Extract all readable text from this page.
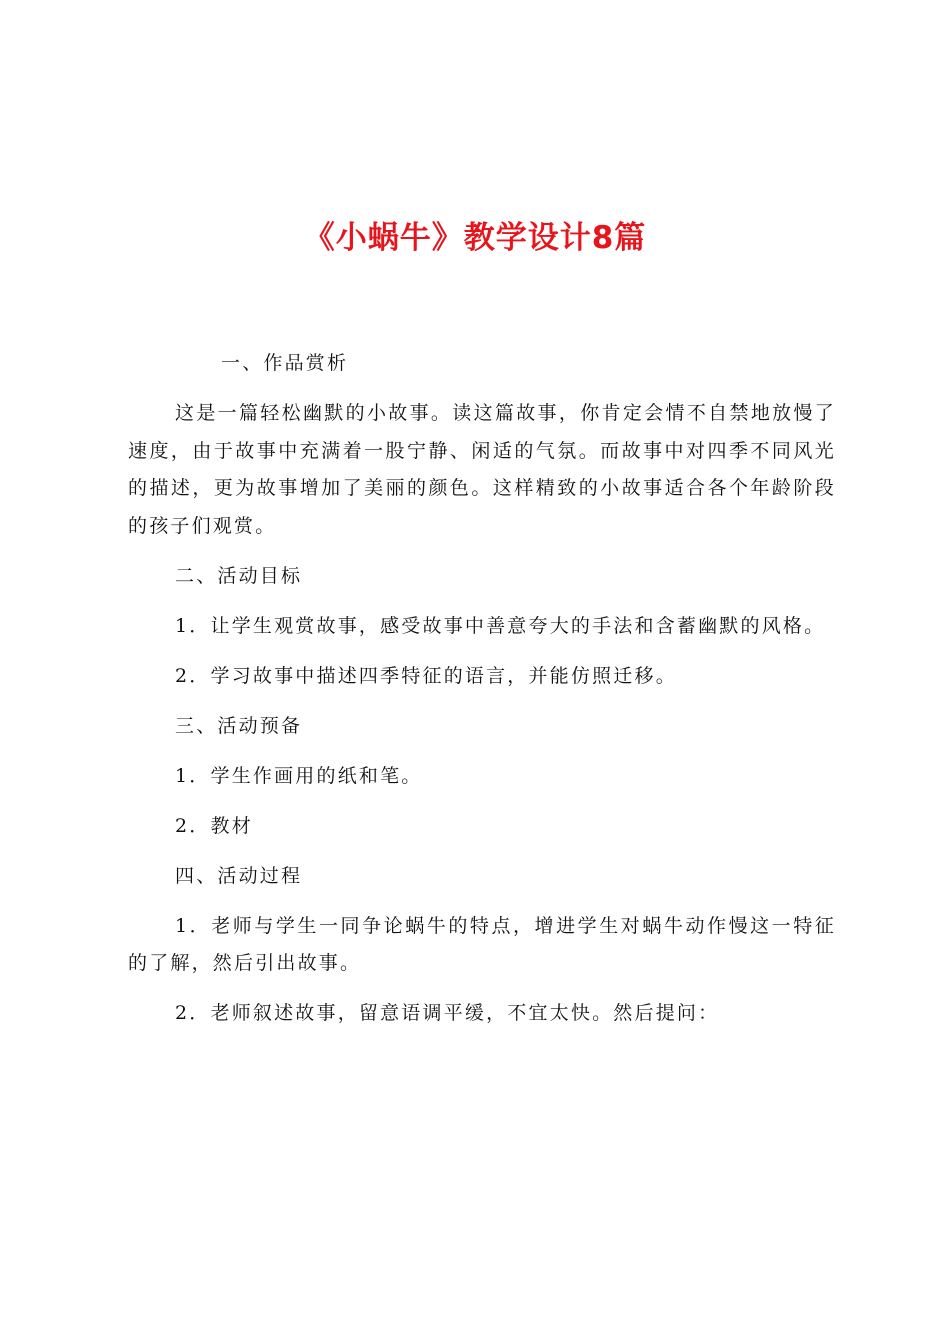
《小蜗牛》教学设计8篇

一、作品赏析

这是一篇轻松幽默的小故事。读这篇故事，你肯定会情不自禁地放慢了速度，由于故事中充满着一股宁静、闲适的气氛。而故事中对四季不同风光的描述，更为故事增加了美丽的颜色。这样精致的小故事适合各个年龄阶段的孩子们观赏。

二、活动目标

1．让学生观赏故事，感受故事中善意夸大的手法和含蓄幽默的风格。

2．学习故事中描述四季特征的语言，并能仿照迁移。

三、活动预备

1．学生作画用的纸和笔。

2．教材

四、活动过程

1．老师与学生一同争论蜗牛的特点，增进学生对蜗牛动作慢这一特征的了解，然后引出故事。

2．老师叙述故事，留意语调平缓，不宜太快。然后提问：
